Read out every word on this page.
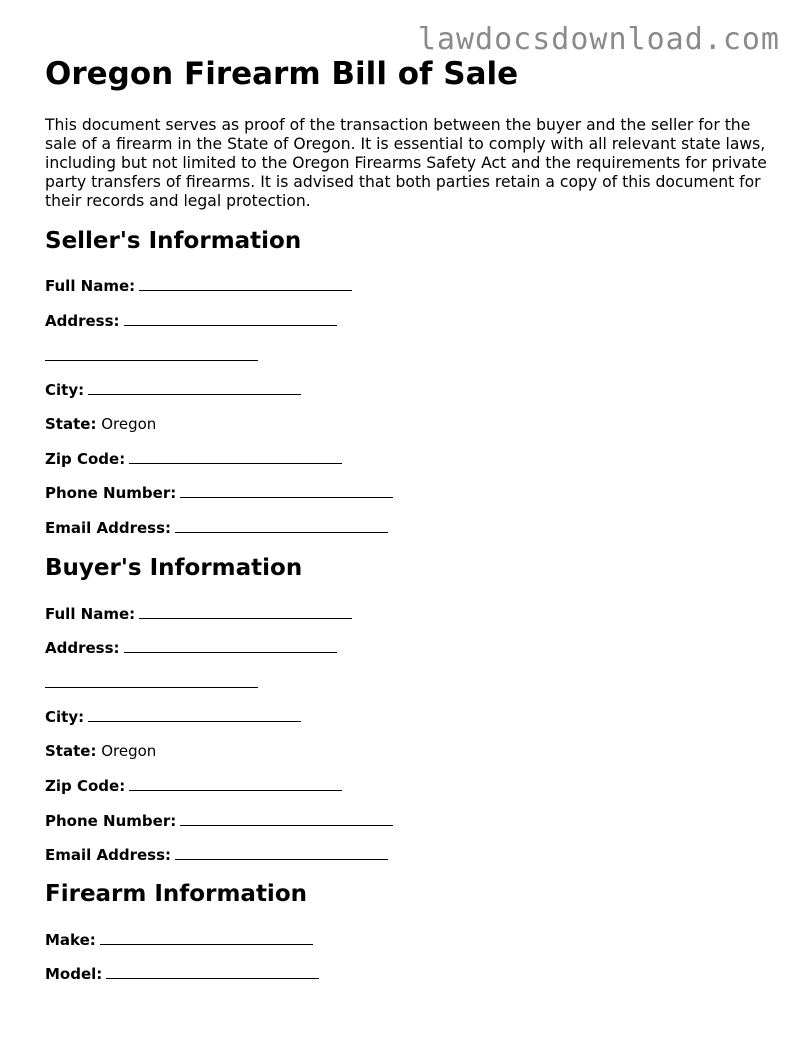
lawdocsdownload.com
Oregon Firearm Bill of Sale

This document serves as proof of the transaction between the buyer and the seller for the sale of a firearm in the State of Oregon. It is essential to comply with all relevant state laws, including but not limited to the Oregon Firearms Safety Act and the requirements for private party transfers of firearms. It is advised that both parties retain a copy of this document for their records and legal protection.

Seller's Information
Full Name:
Address:
City:
State: Oregon
Zip Code:
Phone Number:
Email Address:
Buyer's Information
Full Name:
Address:
City:
State: Oregon
Zip Code:
Phone Number:
Email Address:
Firearm Information
Make:
Model:
